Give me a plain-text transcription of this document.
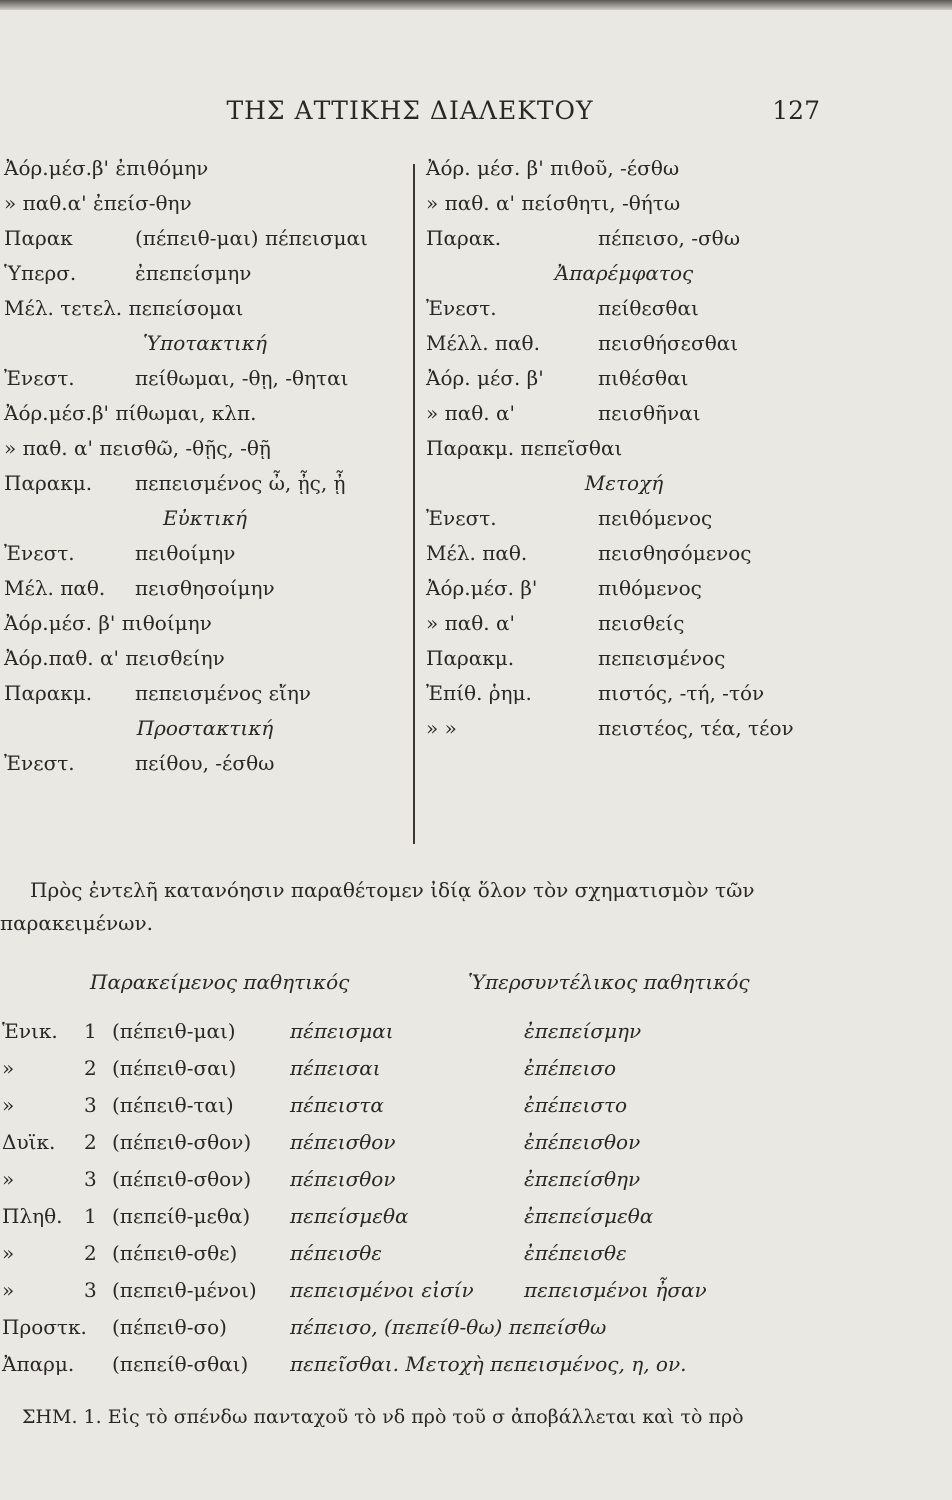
ΤΗΣ ΑΤΤΙΚΗΣ ΔΙΑΛΕΚΤΟΥ	127
Ἀόρ.μέσ.β' ἐπιθόμην
» παθ.α' ἐπείσ-θην
Παρακ	(πέπειθ-μαι) πέπεισμαι
Ὑπερσ.	ἐπεπείσμην
Μέλ. τετελ. πεπείσομαι
Ὑποτακτική
Ἐνεστ.	πείθωμαι, -θῃ, -θηται
Ἀόρ.μέσ.β' πίθωμαι, κλπ.
» παθ. α' πεισθῶ, -θῇς, -θῇ
Παρακμ. πεπεισμένος ὦ, ᾖς, ᾖ
Εὐκτική
Ἐνεστ.	πειθοίμην
Μέλ. παθ. πεισθησοίμην
Ἀόρ.μέσ. β' πιθοίμην
Ἀόρ.παθ. α' πεισθείην
Παρακμ. πεπεισμένος εἴην
Προστακτική
Ἐνεστ.	πείθου, -έσθω
Ἀόρ. μέσ. β' πιθοῦ, -έσθω
» παθ. α' πείσθητι, -θήτω
Παρακ.	πέπεισο, -σθω
Ἀπαρέμφατος
Ἐνεστ.	πείθεσθαι
Μέλλ. παθ.	πεισθήσεσθαι
Ἀόρ. μέσ. β'	πιθέσθαι
» παθ. α'	πεισθῆναι
Παρακμ. πεπεῖσθαι
Μετοχή
Ἐνεστ.	πειθόμενος
Μέλ. παθ.	πεισθησόμενος
Ἀόρ.μέσ. β'	πιθόμενος
» παθ. α'	πεισθείς
Παρακμ.	πεπεισμένος
Ἐπίθ. ῥημ.	πιστός, -τή, -τόν
» »	πειστέος, τέα, τέον
Πρὸς ἐντελῆ κατανόησιν παραθέτομεν ἰδίᾳ ὅλον τὸν σχηματισμὸν τῶν
παρακειμένων.
Παρακείμενος παθητικός	Ὑπερσυντέλικος παθητικός
Ἑνικ. 1 (πέπειθ-μαι)	πέπεισμαι	ἐπεπείσμην
»	2 (πέπειθ-σαι)	πέπεισαι	ἐπέπεισο
»	3 (πέπειθ-ται)	πέπειστα	ἐπέπειστο
Δυϊκ. 2 (πέπειθ-σθον) πέπεισθον	ἐπέπεισθον
»	3 (πέπειθ-σθον) πέπεισθον	ἐπεπείσθην
Πληθ. 1 (πεπείθ-μεθα) πεπείσμεθα	ἐπεπείσμεθα
»	2 (πέπειθ-σθε)	πέπεισθε	ἐπέπεισθε
»	3 (πεπειθ-μένοι) πεπεισμένοι εἰσίν	πεπεισμένοι ἦσαν
Προστκ. (πέπειθ-σο)	πέπεισο, (πεπείθ-θω) πεπείσθω
Ἀπαρμ. (πεπείθ-σθαι) πεπεῖσθαι. Μετοχὴ πεπεισμένος, η, ον.
ΣΗΜ. 1. Εἰς τὸ σπένδω πανταχοῦ τὸ νδ πρὸ τοῦ σ ἀποβάλλεται καὶ τὸ πρὸ
